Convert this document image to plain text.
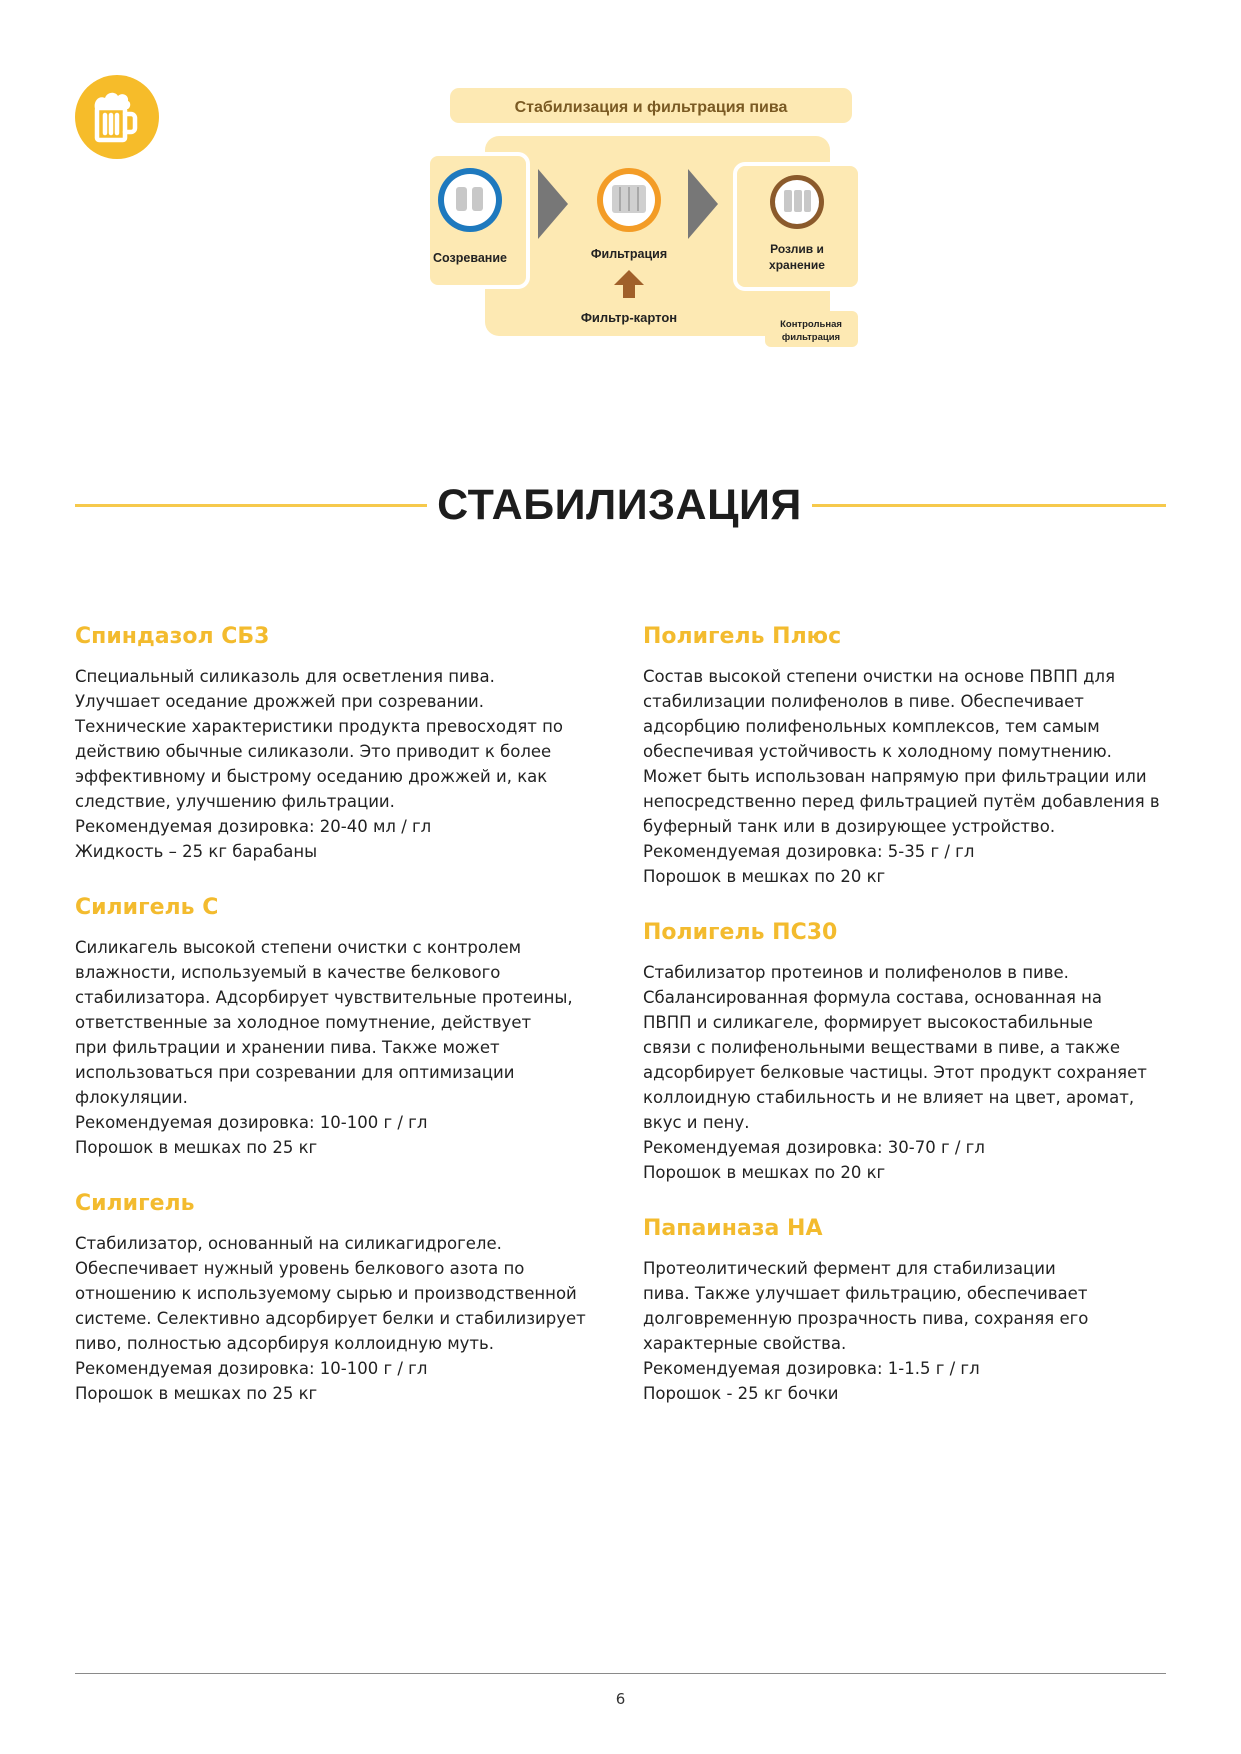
Стабилизация и фильтрация пива
Созревание	Фильтрация
Фильтр-картон
Розлив и
хранение
Контрольная
фильтрация
СТАБИЛИЗАЦИЯ
Спиндазол СБ3

Специальный силиказоль для осветления пива.

Улучшает оседание дрожжей при созревании.

Технические характеристики продукта превосходят по

действию обычные силиказоли. Это приводит к более

эффективному и быстрому оседанию дрожжей и, как

следствие, улучшению фильтрации.

Рекомендуемая дозировка: 20-40 мл / гл

Жидкость – 25 кг барабаны

Силигель С

Силикагель высокой степени очистки с контролем

влажности, используемый в качестве белкового

стабилизатора. Адсорбирует чувствительные протеины,

ответственные за холодное помутнение, действует

при фильтрации и хранении пива. Также может

использоваться при созревании для оптимизации

флокуляции.

Рекомендуемая дозировка: 10-100 г / гл

Порошок в мешках по 25 кг

Силигель

Стабилизатор, основанный на силикагидрогеле.

Обеспечивает нужный уровень белкового азота по

отношению к используемому сырью и производственной

системе. Селективно адсорбирует белки и стабилизирует

пиво, полностью адсорбируя коллоидную муть.

Рекомендуемая дозировка: 10-100 г / гл

Порошок в мешках по 25 кг

Полигель Плюс

Состав высокой степени очистки на основе ПВПП для

стабилизации полифенолов в пиве. Обеспечивает

адсорбцию полифенольных комплексов, тем самым

обеспечивая устойчивость к холодному помутнению.

Может быть использован напрямую при фильтрации или

непосредственно перед фильтрацией путём добавления в

буферный танк или в дозирующее устройство.

Рекомендуемая дозировка: 5-35 г / гл

Порошок в мешках по 20 кг

Полигель ПС30

Стабилизатор протеинов и полифенолов в пиве.

Сбалансированная формула состава, основанная на

ПВПП и силикагеле, формирует высокостабильные

связи с полифенольными веществами в пиве, а также

адсорбирует белковые частицы. Этот продукт сохраняет

коллоидную стабильность и не влияет на цвет, аромат,

вкус и пену.

Рекомендуемая дозировка: 30-70 г / гл

Порошок в мешках по 20 кг

Папаиназа НА

Протеолитический фермент для стабилизации

пива. Также улучшает фильтрацию, обеспечивает

долговременную прозрачность пива, сохраняя его

характерные свойства.

Рекомендуемая дозировка: 1-1.5 г / гл

Порошок - 25 кг бочки

6
